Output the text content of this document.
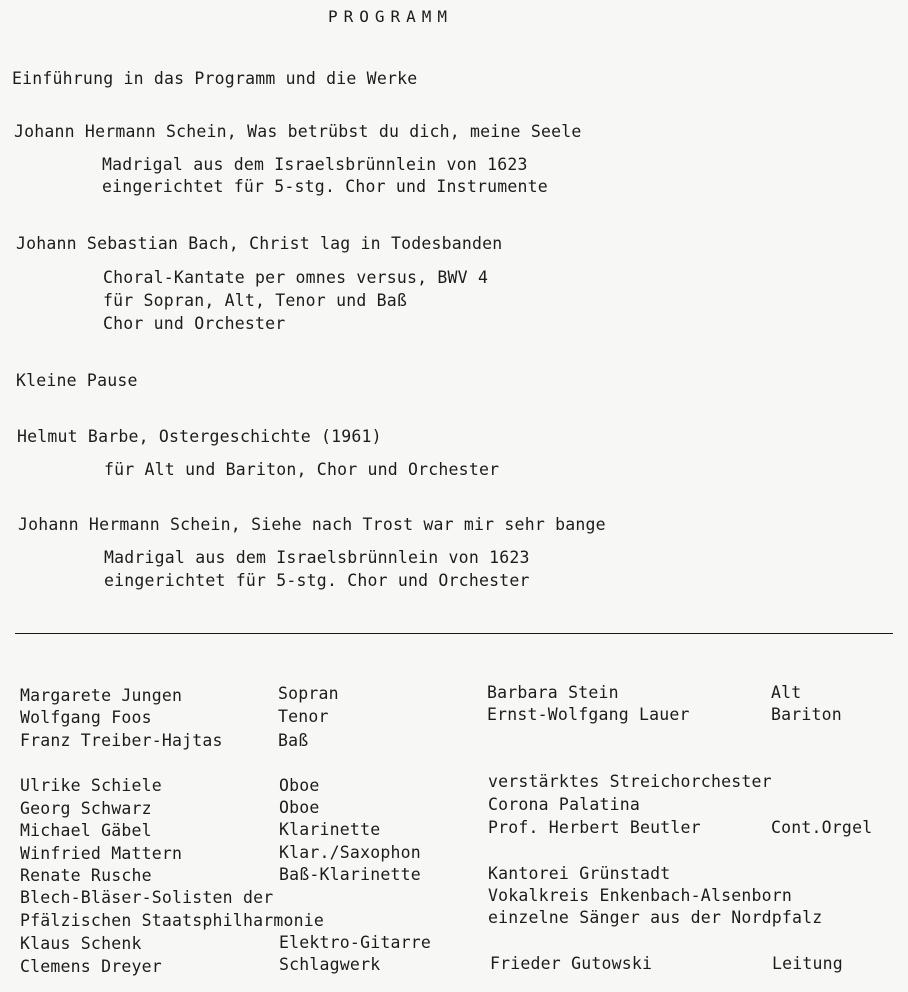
PROGRAMM
Einführung in das Programm und die Werke
Johann Hermann Schein, Was betrübst du dich, meine Seele
Madrigal aus dem Israelsbrünnlein von 1623
eingerichtet für 5-stg. Chor und Instrumente
Johann Sebastian Bach, Christ lag in Todesbanden
Choral-Kantate per omnes versus, BWV 4
für Sopran, Alt, Tenor und Baß
Chor und Orchester
Kleine Pause
Helmut Barbe, Ostergeschichte (1961)
für Alt und Bariton, Chor und Orchester
Johann Hermann Schein, Siehe nach Trost war mir sehr bange
Madrigal aus dem Israelsbrünnlein von 1623
eingerichtet für 5-stg. Chor und Orchester
Margarete Jungen	Sopran
Wolfgang Foos	Tenor
Franz Treiber-Hajtas	Baß
Barbara Stein	Alt
Ernst-Wolfgang Lauer	Bariton
Ulrike Schiele	Oboe
Georg Schwarz	Oboe
Michael Gäbel	Klarinette
Winfried Mattern	Klar./Saxophon
Renate Rusche	Baß-Klarinette
Blech-Bläser-Solisten der
Pfälzischen Staatsphilharmonie
Klaus Schenk	Elektro-Gitarre
Clemens Dreyer	Schlagwerk
verstärktes Streichorchester
Corona Palatina
Prof. Herbert Beutler	Cont.Orgel
Kantorei Grünstadt
Vokalkreis Enkenbach-Alsenborn
einzelne Sänger aus der Nordpfalz
Frieder Gutowski	Leitung
